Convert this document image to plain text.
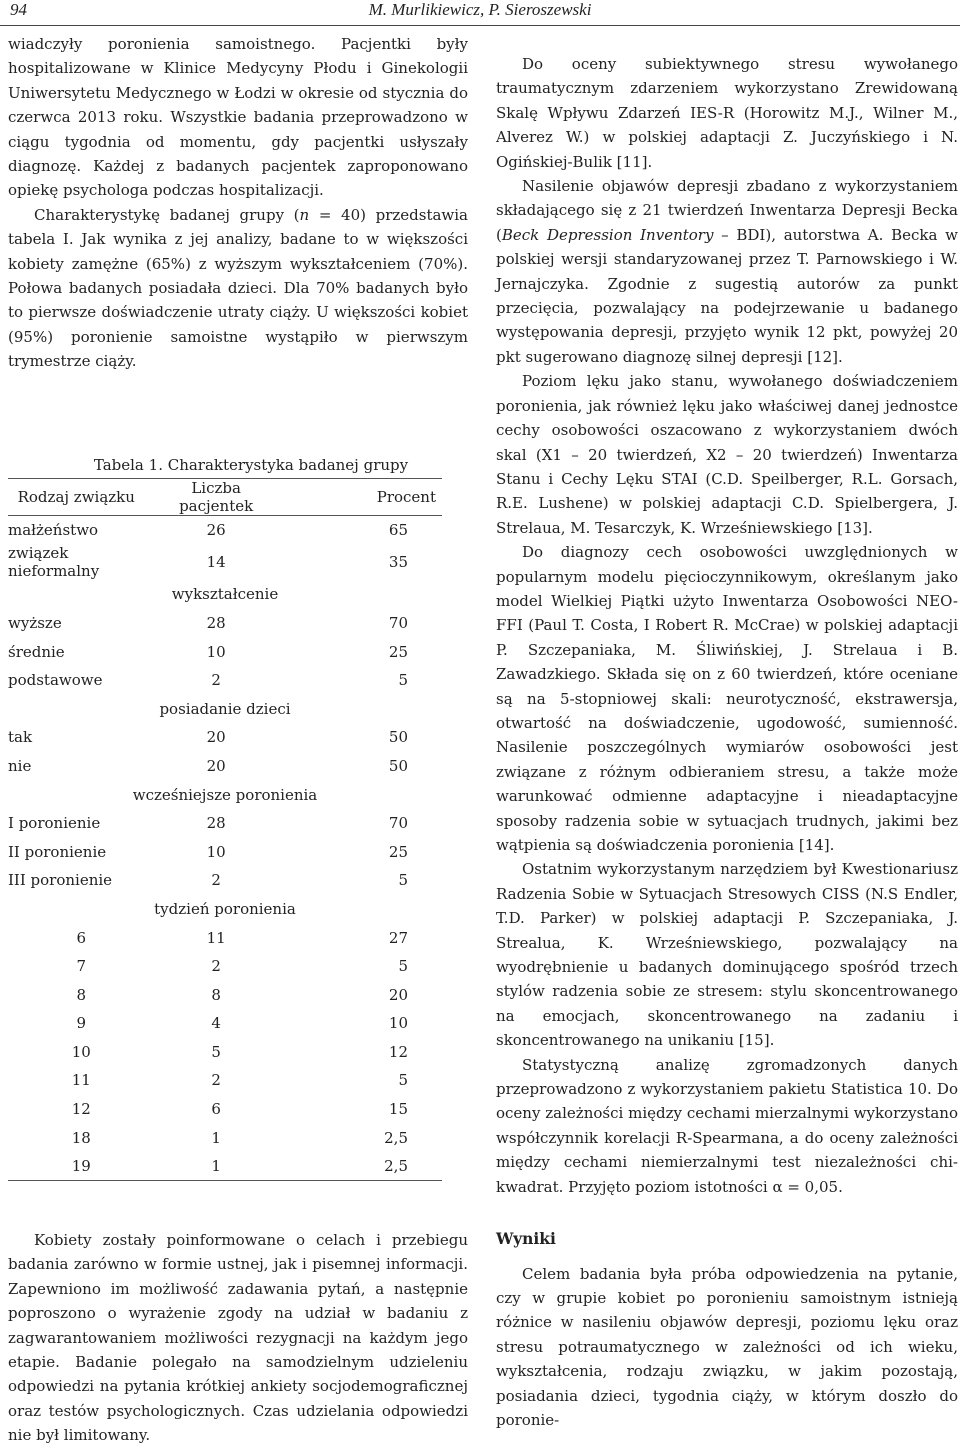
94	M. Murlikiewicz, P. Sieroszewski

wiadczyły poronienia samoistnego. Pacjentki były hospitalizowane w Klinice Medycyny Płodu i Ginekologii Uniwersytetu Medycznego w Łodzi w okresie od stycznia do czerwca 2013 roku. Wszystkie badania przeprowadzono w ciągu tygodnia od momentu, gdy pacjentki usłyszały diagnozę. Każdej z badanych pacjentek zaproponowano opiekę psychologa podczas hospitalizacji.

Charakterystykę badanej grupy (n = 40) przedstawia tabela I. Jak wynika z jej analizy, badane to w większości kobiety zamężne (65%) z wyższym wykształceniem (70%). Połowa badanych posiadała dzieci. Dla 70% badanych było to pierwsze doświadczenie utraty ciąży. U większości kobiet (95%) poronienie samoistne wystąpiło w pierwszym trymestrze ciąży.

Tabela 1. Charakterystyka badanej grupy
Rodzaj związku	Liczba pacjentek	Procent
małżeństwo	26	65
związek nieformalny	14	35
wykształcenie		
wyższe	28	70
średnie	10	25
podstawowe	2	5
posiadanie dzieci		
tak	20	50
nie	20	50
wcześniejsze poronienia		
I poronienie	28	70
II poronienie	10	25
III poronienie	2	5
tydzień poronienia		
6	11	27
7	2	5
8	8	20
9	4	10
10	5	12
11	2	5
12	6	15
18	1	2,5
19	1	2,5

Kobiety zostały poinformowane o celach i przebiegu badania zarówno w formie ustnej, jak i pisemnej informacji. Zapewniono im możliwość zadawania pytań, a następnie poproszono o wyrażenie zgody na udział w badaniu z zagwarantowaniem możliwości rezygnacji na każdym jego etapie. Badanie polegało na samodzielnym udzieleniu odpowiedzi na pytania krótkiej ankiety socjodemograficznej oraz testów psychologicznych. Czas udzielania odpowiedzi nie był limitowany.

Do oceny subiektywnego stresu wywołanego traumatycznym zdarzeniem wykorzystano Zrewidowaną Skalę Wpływu Zdarzeń IES-R (Horowitz M.J., Wilner M., Alverez W.) w polskiej adaptacji Z. Juczyńskiego i N. Ogińskiej-Bulik [11].

Nasilenie objawów depresji zbadano z wykorzystaniem składającego się z 21 twierdzeń Inwentarza Depresji Becka (Beck Depression Inventory – BDI), autorstwa A. Becka w polskiej wersji standaryzowanej przez T. Parnowskiego i W. Jernajczyka. Zgodnie z sugestią autorów za punkt przecięcia, pozwalający na podejrzewanie u badanego występowania depresji, przyjęto wynik 12 pkt, powyżej 20 pkt sugerowano diagnozę silnej depresji [12].

Poziom lęku jako stanu, wywołanego doświadczeniem poronienia, jak również lęku jako właściwej danej jednostce cechy osobowości oszacowano z wykorzystaniem dwóch skal (X1 – 20 twierdzeń, X2 – 20 twierdzeń) Inwentarza Stanu i Cechy Lęku STAI (C.D. Speilberger, R.L. Gorsach, R.E. Lushene) w polskiej adaptacji C.D. Spielbergera, J. Strelaua, M. Tesarczyk, K. Wrześniewskiego [13].

Do diagnozy cech osobowości uwzględnionych w popularnym modelu pięcioczynnikowym, określanym jako model Wielkiej Piątki użyto Inwentarza Osobowości NEO-FFI (Paul T. Costa, I Robert R. McCrae) w polskiej adaptacji P. Szczepaniaka, M. Śliwińskiej, J. Strelaua i B. Zawadzkiego. Składa się on z 60 twierdzeń, które oceniane są na 5-stopniowej skali: neurotyczność, ekstrawersja, otwartość na doświadczenie, ugodowość, sumienność. Nasilenie poszczególnych wymiarów osobowości jest związane z różnym odbieraniem stresu, a także może warunkować odmienne adaptacyjne i nieadaptacyjne sposoby radzenia sobie w sytuacjach trudnych, jakimi bez wątpienia są doświadczenia poronienia [14].

Ostatnim wykorzystanym narzędziem był Kwestionariusz Radzenia Sobie w Sytuacjach Stresowych CISS (N.S Endler, T.D. Parker) w polskiej adaptacji P. Szczepaniaka, J. Strealua, K. Wrześniewskiego, pozwalający na wyodrębnienie u badanych dominującego spośród trzech stylów radzenia sobie ze stresem: stylu skoncentrowanego na emocjach, skoncentrowanego na zadaniu i skoncentrowanego na unikaniu [15].

Statystyczną analizę zgromadzonych danych przeprowadzono z wykorzystaniem pakietu Statistica 10. Do oceny zależności między cechami mierzalnymi wykorzystano współczynnik korelacji R-Spearmana, a do oceny zależności między cechami niemierzalnymi test niezależności chi-kwadrat. Przyjęto poziom istotności α = 0,05.

Wyniki

Celem badania była próba odpowiedzenia na pytanie, czy w grupie kobiet po poronieniu samoistnym istnieją różnice w nasileniu objawów depresji, poziomu lęku oraz stresu potraumatycznego w zależności od ich wieku, wykształcenia, rodzaju związku, w jakim pozostają, posiadania dzieci, tygodnia ciąży, w którym doszło do poronie-
